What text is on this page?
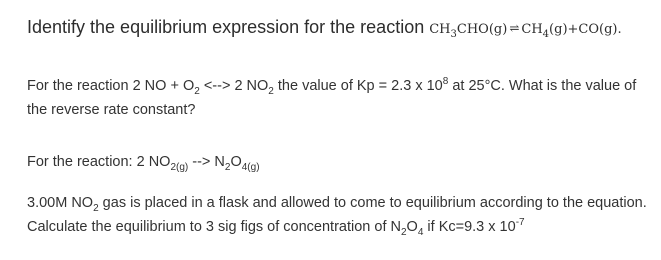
Identify the equilibrium expression for the reaction $CH_3CHO(g)$ ⇌ $CH_4(g)+CO(g)$.
For the reaction 2 NO + $O_2$ <--> 2 $NO_2$ the value of Kp = 2.3 x $10^8$ at 25°C. What is the value of
the reverse rate constant?
For the reaction: 2 $NO_{2(g)}$ --> $N_2O_{4(g)}$
3.00M $NO_2$ gas is placed in a flask and allowed to come to equilibrium according to the equation.
Calculate the equilibrium to 3 sig figs of concentration of $N_2O_4$ if Kc=9.3 x $10^{-7}$
